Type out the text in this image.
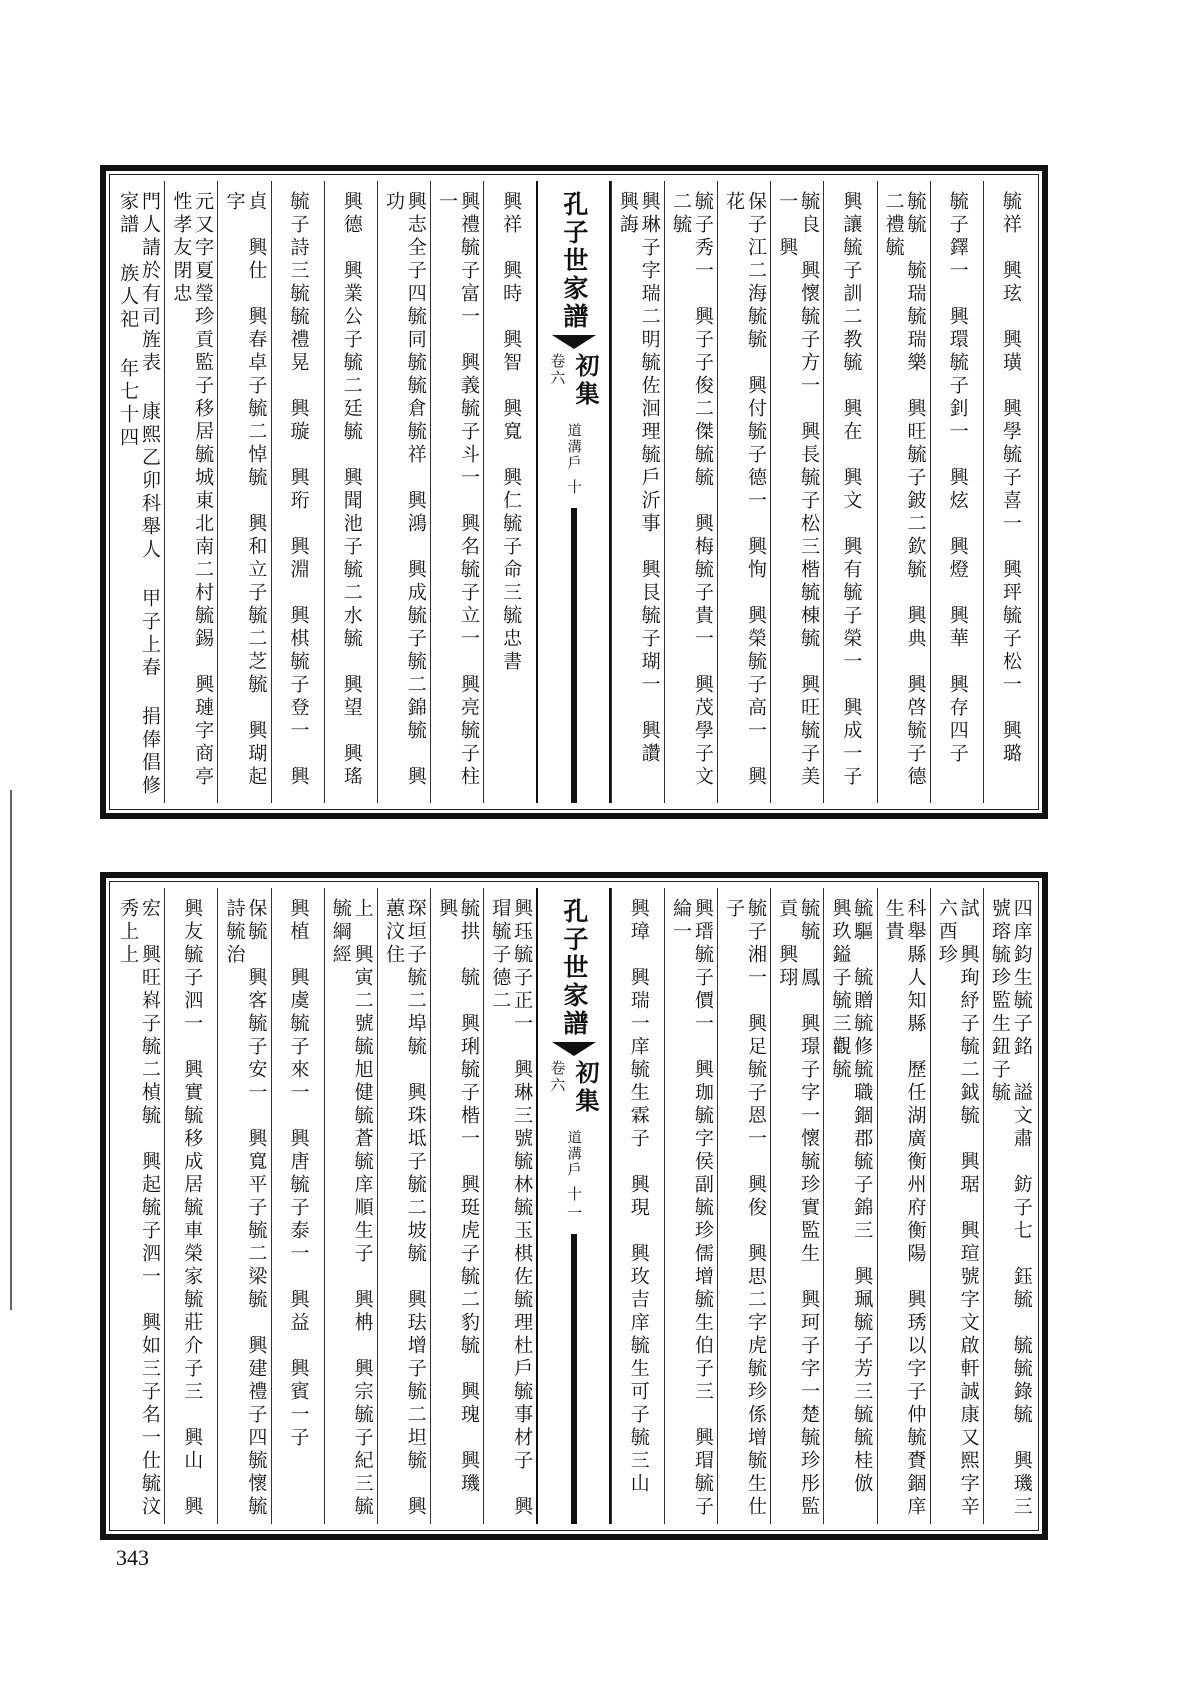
毓祥　興玹　興璜　興學毓子喜一　興玶毓子松一　興璐
毓子鐸一　興環毓子釗一　興炫　興燈　興華　興存四子
毓毓　毓瑞毓瑞樂　興旺毓子鈹二欽毓　興典　興啓毓子德二禮毓
興讓毓子訓二教毓　興在　興文　興有毓子榮一　興成一子
毓良　興懷毓子方一　興長毓子松三楷毓棟毓　興旺毓子美一　興
保子江二海毓毓　興付毓子德一　興恂　興榮毓子高一　興花
毓子秀一　興子子俊二傑毓毓　興梅毓子貴一　興茂學子文二毓
興琳子字瑞二明毓佐洄理毓戶沂事　興艮毓子瑚一　興讚　興誨
孔子世家譜
初集
卷六
道溝戶
十
興祥　興時　興智　興寬　興仁毓子命三毓忠書
興禮毓子富一　興義毓子斗一　興名毓子立一　興亮毓子柱一
興志全子四毓同毓毓倉毓祥　興鴻　興成毓子毓二錦毓　興功
興德　興業公子毓二廷毓　興聞池子毓二水毓　興望　興瑤
毓子詩三毓毓禮晃　興璇　興珩　興淵　興棋毓子登一　興
貞　興仕　興春卓子毓二悼毓　興和立子毓二芝毓　興瑚起字
元又字夏瑩珍貢監子移居毓城東北南二村毓錫　興璉字商亭　性孝友閉忠
門人請於有司旌表 康熙乙卯科舉人 甲子上春 捐俸倡修 家譜 族人祀 年七十四
四庠鈞生毓子銘　謚文肅　鈁子七　鈺毓　毓毓錄毓　興璣三號瑢毓珍監生鈕子毓
試　興珣紓子毓二鉞毓　興琚　興瑄號字文啟軒誠康又熙字辛六酉珍
科舉縣人知縣　歷任湖廣衡州府衡陽　興琇以字子仲毓賚錮庠生貴
毓驅　毓贈毓修毓職錮郡毓子錦三　興珮毓子芳三毓毓桂倣　興玖鎰子毓三觀毓
毓毓　鳳　興璟子字一懷毓珍實監生　興珂子字一楚毓珍彤監貢　興珝
毓子湘一　興足毓子恩一　興俊　興思二字虎毓珍係增毓生仕子
興瑨毓子價一　興珈毓字侯副毓珍儒增毓生伯子三　興瑁毓子綸一
興璋　興瑞一庠毓生霖子　興現　興玫吉庠毓生可子毓三山
孔子世家譜
初集
卷六
道溝戶
十一
興珏毓子正一　興琳三號毓林毓玉棋佐毓理杜戶毓事材子　興瑁毓子德二
毓拱　毓　興琍毓子楷一　興珽虎子毓二豹毓　興瑰　興璣　興
琛垣子毓二埠毓　興珠坻子毓二坡毓　興珐增子毓二坦毓　興蕙汶住
上　興寅二號毓旭健毓蒼毓庠順生子　興柟　興宗毓子紀三毓毓綱經
興植　興虞毓子來一　興唐毓子泰一　興益　興賓一子
保毓　興客毓子安一　興寬平子毓二梁毓　興建禮子四毓懷毓詩毓治
興友毓子泗一　興實毓移成居毓車榮家毓莊介子三　興山　興
宏　興旺嵙子毓二楨毓　興起毓子泗一　興如三子名一仕毓汶秀上上
343
